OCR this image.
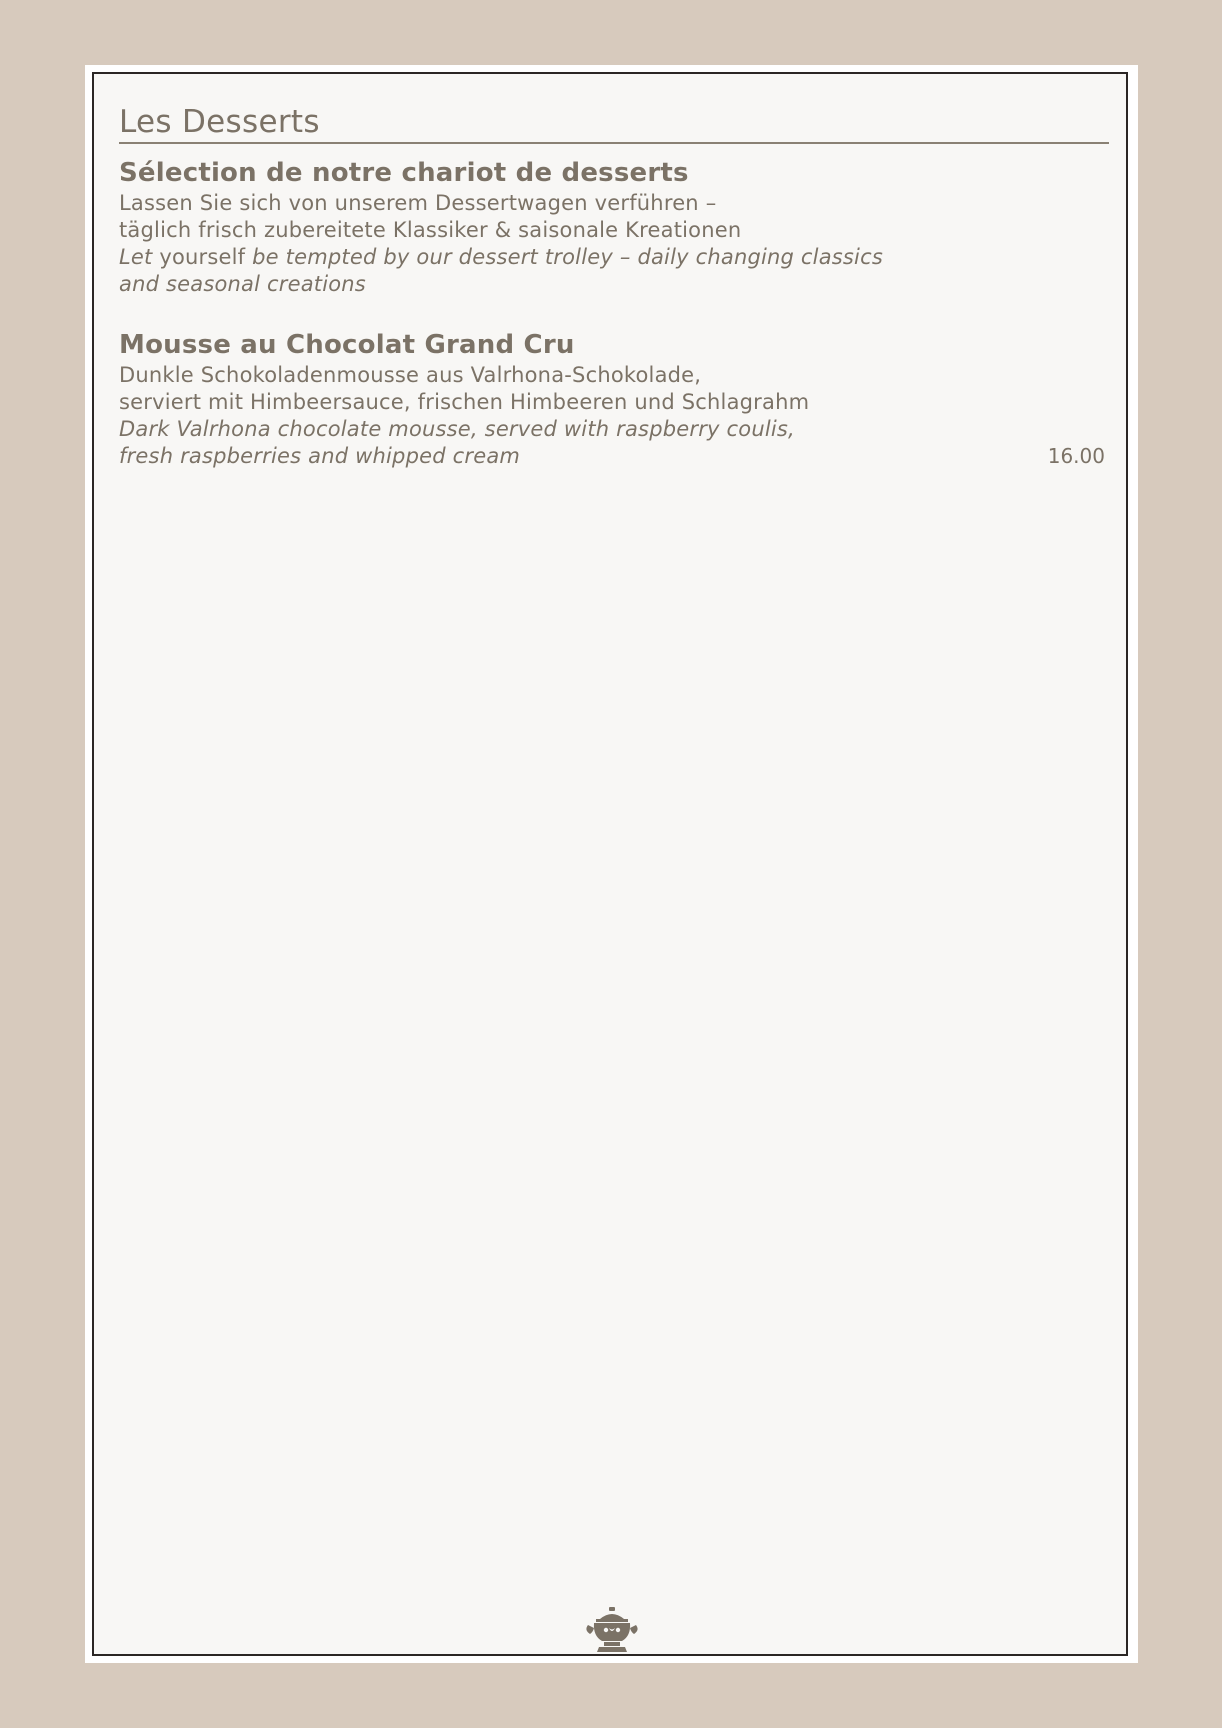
Les Desserts

Sélection de notre chariot de desserts

Lassen Sie sich von unserem Dessertwagen verführen –

täglich frisch zubereitete Klassiker & saisonale Kreationen

Let yourself be tempted by our dessert trolley – daily changing classics

and seasonal creations

Mousse au Chocolat Grand Cru

Dunkle Schokoladenmousse aus Valrhona-Schokolade,

serviert mit Himbeersauce, frischen Himbeeren und Schlagrahm

Dark Valrhona chocolate mousse, served with raspberry coulis,

fresh raspberries and whipped cream	16.00
